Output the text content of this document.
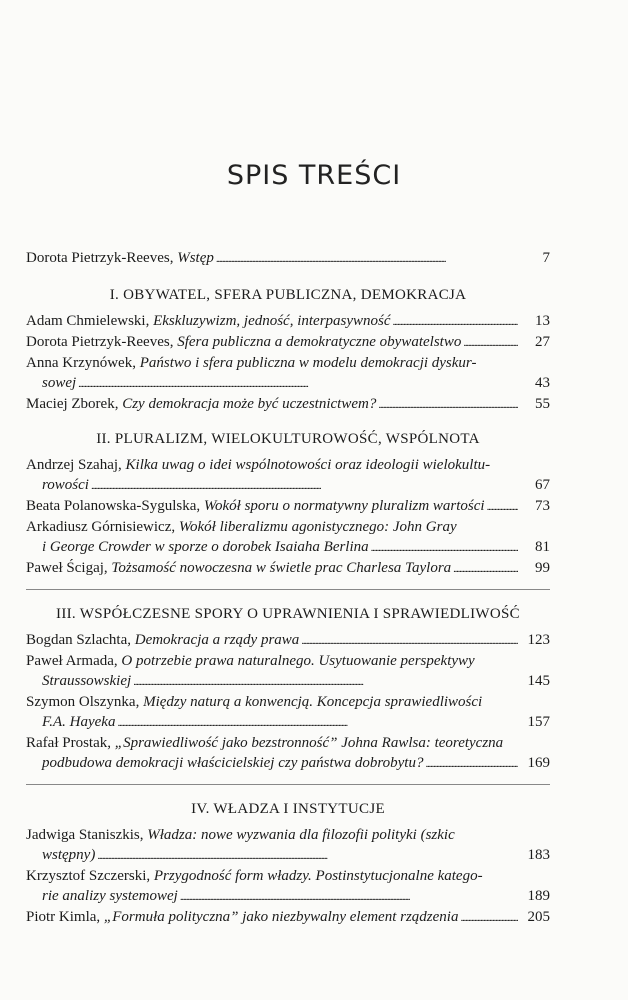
SPIS TREŚCI
Dorota Pietrzyk-Reeves, Wstęp . . .	7
I. OBYWATEL, SFERA PUBLICZNA, DEMOKRACJA
Adam Chmielewski, Ekskluzywizm, jedność, interpasywność . . .	13
Dorota Pietrzyk-Reeves, Sfera publiczna a demokratyczne obywatelstwo . . .	27
Anna Krzynówek, Państwo i sfera publiczna w modelu demokracji dyskur-
sowej . . .	43
Maciej Zborek, Czy demokracja może być uczestnictwem? . . .	55
II. PLURALIZM, WIELOKULTUROWOŚĆ, WSPÓLNOTA
Andrzej Szahaj, Kilka uwag o idei wspólnotowości oraz ideologii wielokultu-
rowości . . .	67
Beata Polanowska-Sygulska, Wokół sporu o normatywny pluralizm wartości . . .	73
Arkadiusz Górnisiewicz, Wokół liberalizmu agonistycznego: John Gray
i George Crowder w sporze o dorobek Isaiaha Berlina . . .	81
Paweł Ścigaj, Tożsamość nowoczesna w świetle prac Charlesa Taylora . . .	99
III. WSPÓŁCZESNE SPORY O UPRAWNIENIA I SPRAWIEDLIWOŚĆ
Bogdan Szlachta, Demokracja a rządy prawa . . .	123
Paweł Armada, O potrzebie prawa naturalnego. Usytuowanie perspektywy
Straussowskiej . . .	145
Szymon Olszynka, Między naturą a konwencją. Koncepcja sprawiedliwości
F.A. Hayeka . . .	157
Rafał Prostak, „Sprawiedliwość jako bezstronność” Johna Rawlsa: teoretyczna
podbudowa demokracji właścicielskiej czy państwa dobrobytu? . . .	169
IV. WŁADZA I INSTYTUCJE
Jadwiga Staniszkis, Władza: nowe wyzwania dla filozofii polityki (szkic
wstępny) . . .	183
Krzysztof Szczerski, Przygodność form władzy. Postinstytucjonalne katego-
rie analizy systemowej . . .	189
Piotr Kimla, „Formuła polityczna” jako niezbywalny element rządzenia . . .	205
